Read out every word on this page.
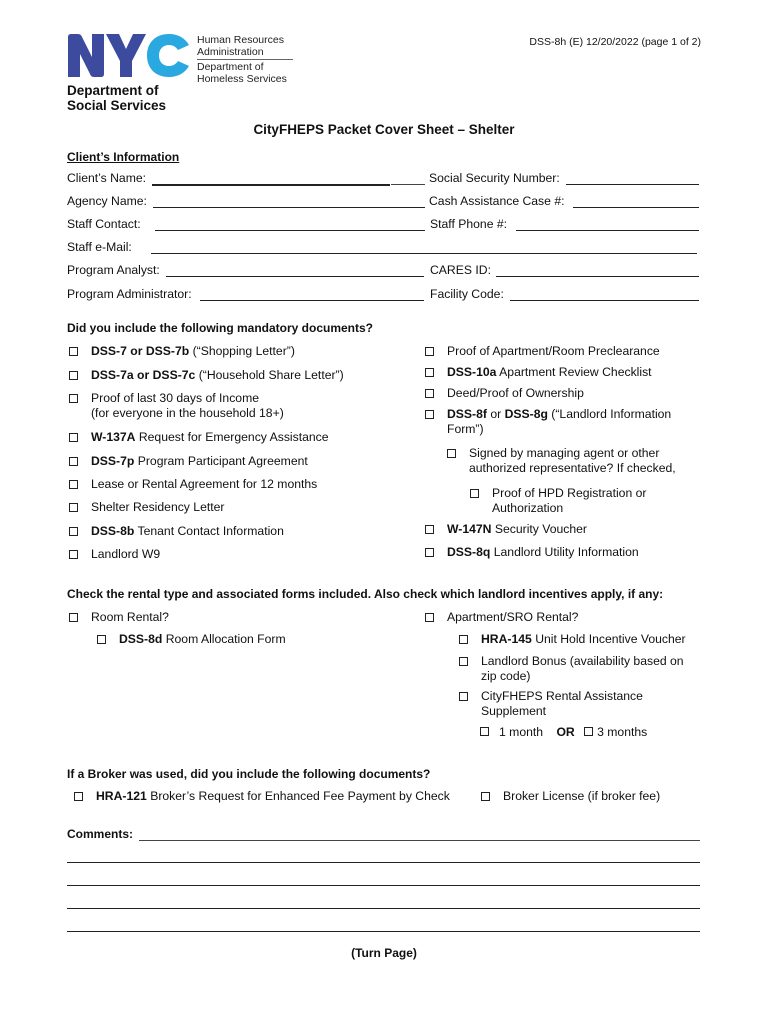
Human Resources
Administration
Department of
Homeless Services
Department of
Social Services
DSS-8h (E) 12/20/2022 (page 1 of 2)
CityFHEPS Packet Cover Sheet – Shelter
Client’s Information
Client’s Name:	Social Security Number:
Agency Name:	Cash Assistance Case #:
Staff Contact:	Staff Phone #:
Staff e-Mail:
Program Analyst:	CARES ID:
Program Administrator:	Facility Code:
Did you include the following mandatory documents?
DSS-7 or DSS-7b (“Shopping Letter”)
DSS-7a or DSS-7c (“Household Share Letter”)
Proof of last 30 days of Income
(for everyone in the household 18+)
W-137A Request for Emergency Assistance
DSS-7p Program Participant Agreement
Lease or Rental Agreement for 12 months
Shelter Residency Letter
DSS-8b Tenant Contact Information
Landlord W9
Proof of Apartment/Room Preclearance
DSS-10a Apartment Review Checklist
Deed/Proof of Ownership
DSS-8f or DSS-8g (“Landlord Information
Form”)
Signed by managing agent or other
authorized representative? If checked,
Proof of HPD Registration or
Authorization
W-147N Security Voucher
DSS-8q Landlord Utility Information
Check the rental type and associated forms included. Also check which landlord incentives apply, if any:
Room Rental?
DSS-8d Room Allocation Form
Apartment/SRO Rental?
HRA-145 Unit Hold Incentive Voucher
Landlord Bonus (availability based on
zip code)
CityFHEPS Rental Assistance
Supplement
1 month OR 3 months
If a Broker was used, did you include the following documents?
HRA-121 Broker’s Request for Enhanced Fee Payment by Check	Broker License (if broker fee)
Comments:
(Turn Page)
